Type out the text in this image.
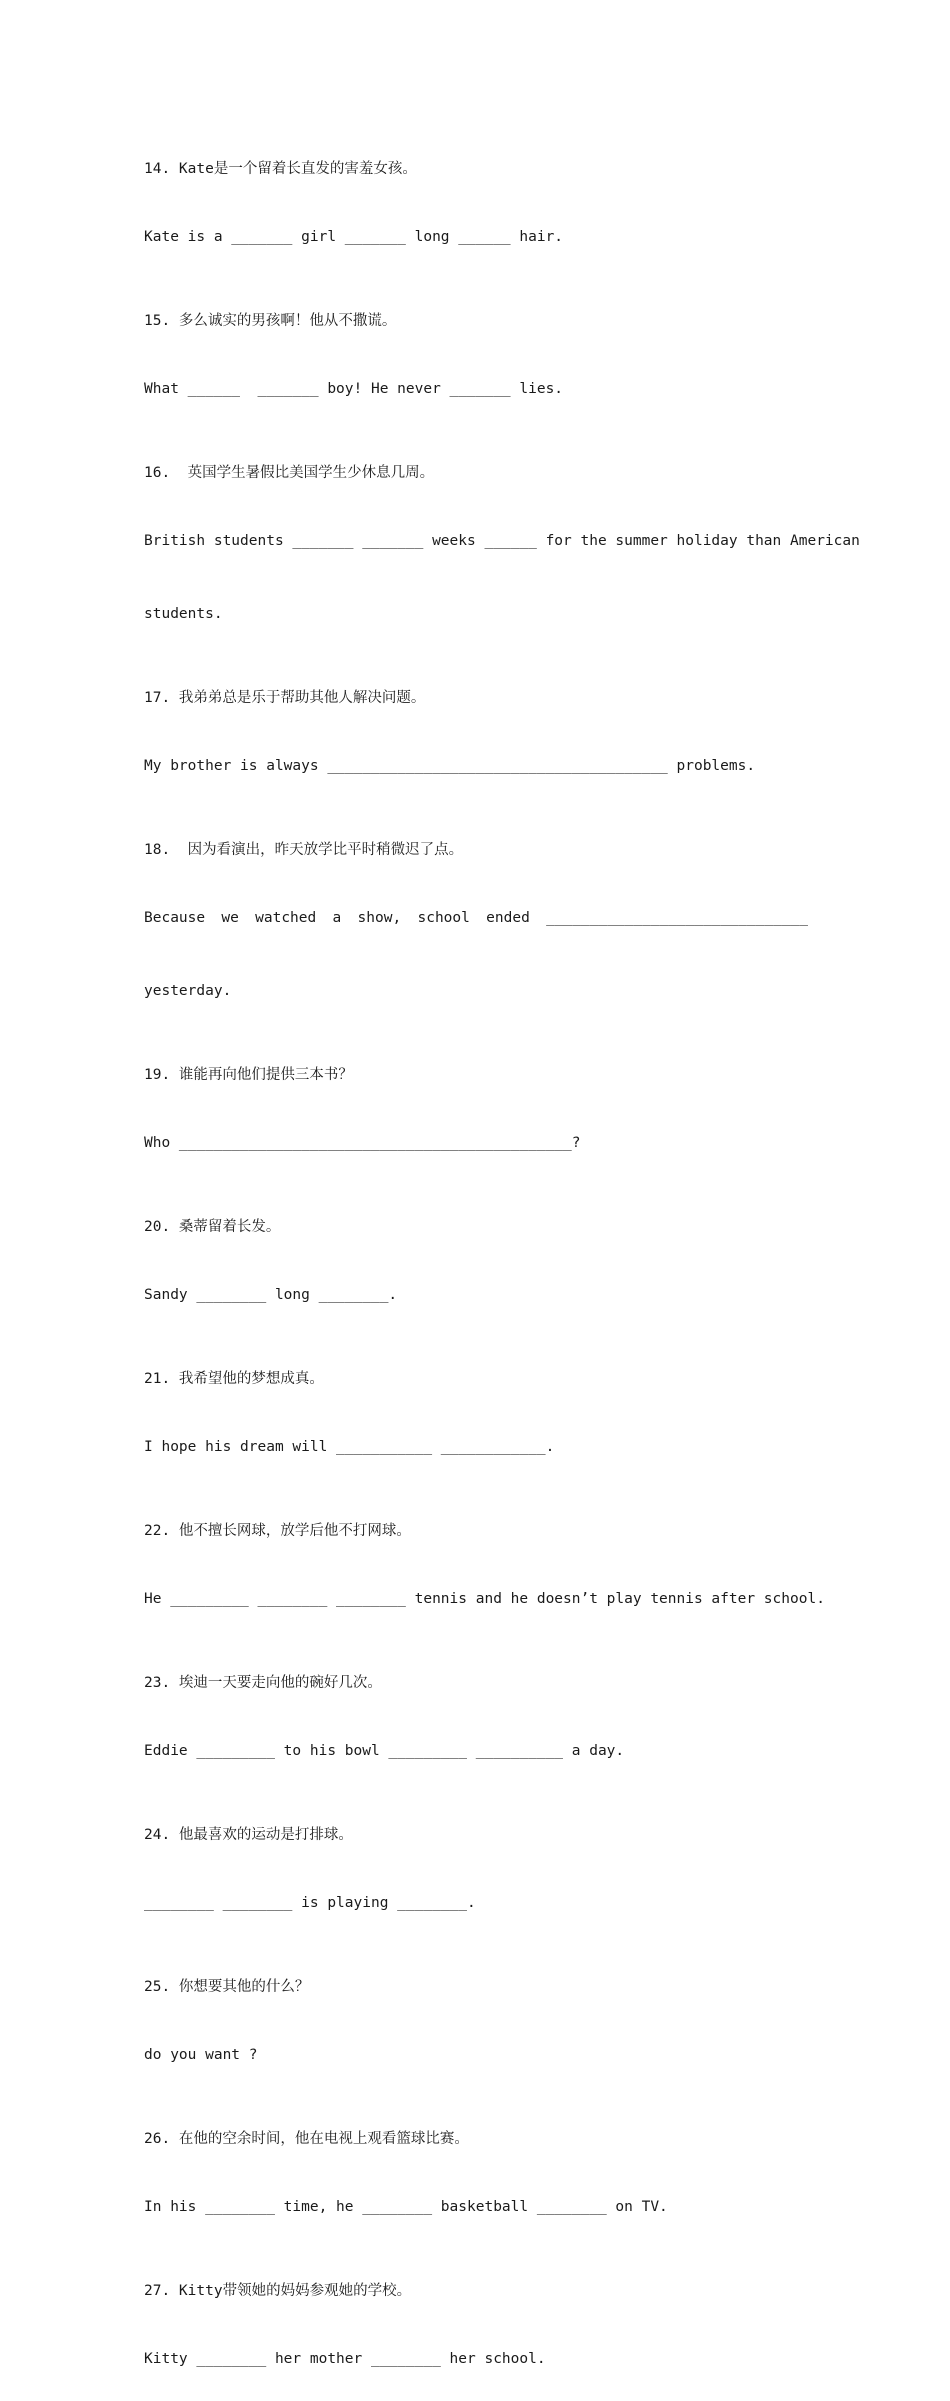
14. Kate是一个留着长直发的害羞女孩。

Kate is a _______ girl _______ long ______ hair.

15. 多么诚实的男孩啊！他从不撒谎。

What ______  _______ boy! He never _______ lies.

16.  英国学生暑假比美国学生少休息几周。

British students _______ _______ weeks ______ for the summer holiday than American

students.

17. 我弟弟总是乐于帮助其他人解决问题。

My brother is always _______________________________________ problems.

18.  因为看演出，昨天放学比平时稍微迟了点。

Because we watched a show, school ended ______________________________

yesterday.

19. 谁能再向他们提供三本书？

Who _____________________________________________?

20. 桑蒂留着长发。

Sandy ________ long ________.

21. 我希望他的梦想成真。

I hope his dream will ___________ ____________.

22. 他不擅长网球，放学后他不打网球。

He _________ ________ ________ tennis and he doesn’t play tennis after school.

23. 埃迪一天要走向他的碗好几次。

Eddie _________ to his bowl _________ __________ a day.

24. 他最喜欢的运动是打排球。

________ ________ is playing ________.

25. 你想要其他的什么？

do you want ?

26. 在他的空余时间，他在电视上观看篮球比赛。

In his ________ time, he ________ basketball ________ on TV.

27. Kitty带领她的妈妈参观她的学校。

Kitty ________ her mother ________ her school.
